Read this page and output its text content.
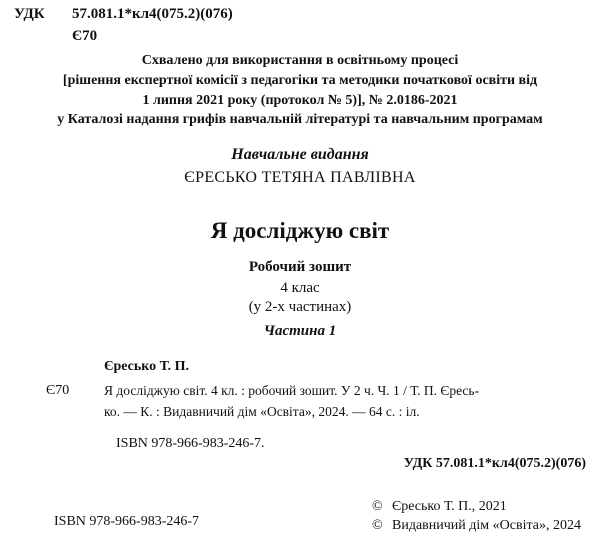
УДК 57.081.1*кл4(075.2)(076)
Є70
Схвалено для використання в освітньому процесі
[рішення експертної комісії з педагогіки та методики початкової освіти від
1 липня 2021 року (протокол № 5)], № 2.0186-2021
у Каталозі надання грифів навчальній літературі та навчальним програмам
Навчальне видання
ЄРЕСЬКО ТЕТЯНА ПАВЛІВНА
Я досліджую світ
Робочий зошит
4 клас
(у 2-х частинах)
Частина 1
Єресько Т. П.
Є70	Я досліджую світ. 4 кл. : робочий зошит. У 2 ч. Ч. 1 / Т. П. Єресь-
ко. — К. : Видавничий дім «Освіта», 2024. — 64 с. : іл.
ISBN 978-966-983-246-7.
УДК 57.081.1*кл4(075.2)(076)
ISBN 978-966-983-246-7
© Єресько Т. П., 2021
© Видавничий дім «Освіта», 2024
